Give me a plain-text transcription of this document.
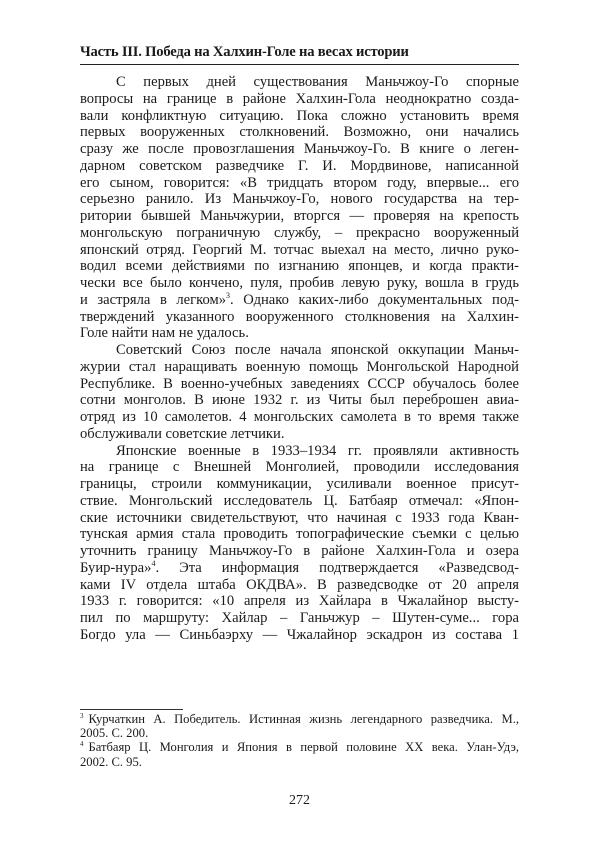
Часть III. Победа на Халхин-Голе на весах истории
С первых дней существования Маньчжоу-Го спорные
вопросы на границе в районе Халхин-Гола неоднократно созда-
вали конфликтную ситуацию. Пока сложно установить время
первых вооруженных столкновений. Возможно, они начались
сразу же после провозглашения Маньчжоу-Го. В книге о леген-
дарном советском разведчике Г. И. Мордвинове, написанной
его сыном, говорится: «В тридцать втором году, впервые... его
серьезно ранило. Из Маньчжоу-Го, нового государства на тер-
ритории бывшей Маньчжурии, вторгся — проверяя на крепость
монгольскую пограничную службу, – прекрасно вооруженный
японский отряд. Георгий М. тотчас выехал на место, лично руко-
водил всеми действиями по изгнанию японцев, и когда практи-
чески все было кончено, пуля, пробив левую руку, вошла в грудь
и застряла в легком»$^3$. Однако каких-либо документальных под-
тверждений указанного вооруженного столкновения на Халхин-
Голе найти нам не удалось.
Советский Союз после начала японской оккупации Маньч-
журии стал наращивать военную помощь Монгольской Народной
Республике. В военно-учебных заведениях СССР обучалось более
сотни монголов. В июне 1932 г. из Читы был переброшен авиа-
отряд из 10 самолетов. 4 монгольских самолета в то время также
обслуживали советские летчики.
Японские военные в 1933–1934 гг. проявляли активность
на границе с Внешней Монголией, проводили исследования
границы, строили коммуникации, усиливали военное присут-
ствие. Монгольский исследователь Ц. Батбаяр отмечал: «Япон-
ские источники свидетельствуют, что начиная с 1933 года Кван-
тунская армия стала проводить топографические съемки с целью
уточнить границу Маньчжоу-Го в районе Халхин-Гола и озера
Буир-нура»$^4$. Эта информация подтверждается «Разведсвод-
ками IV отдела штаба ОКДВА». В разведсводке от 20 апреля
1933 г. говорится: «10 апреля из Хайлара в Чжалайнор высту-
пил по маршруту: Хайлар – Ганьчжур – Шутен-суме... гора
Богдо ула — Синьбаэрху — Чжалайнор эскадрон из состава 1
$^3$ Курчаткин А. Победитель. Истинная жизнь легендарного разведчика. М.,
2005. С. 200.
$^4$ Батбаяр Ц. Монголия и Япония в первой половине XX века. Улан-Удэ,
2002. С. 95.
272
